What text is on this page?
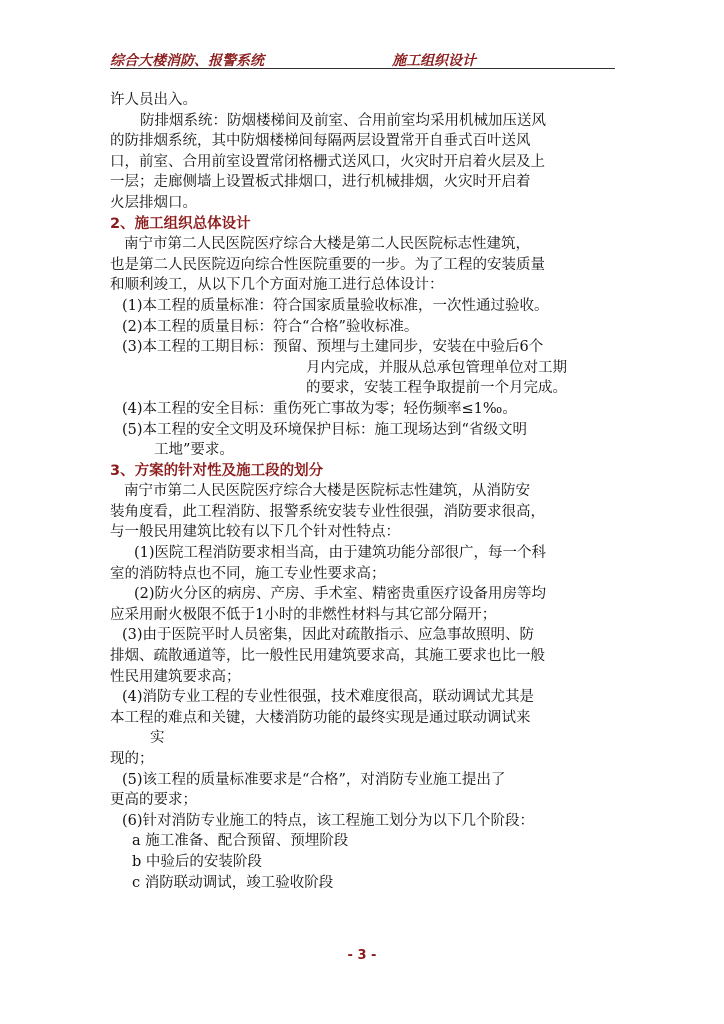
综合大楼消防、报警系统	施工组织设计
许人员出入。
防排烟系统：防烟楼梯间及前室、合用前室均采用机械加压送风
的防排烟系统，其中防烟楼梯间每隔两层设置常开自垂式百叶送风
口，前室、合用前室设置常闭格栅式送风口，火灾时开启着火层及上
一层；走廊侧墙上设置板式排烟口，进行机械排烟，火灾时开启着
火层排烟口。
2、施工组织总体设计
南宁市第二人民医院医疗综合大楼是第二人民医院标志性建筑，
也是第二人民医院迈向综合性医院重要的一步。为了工程的安装质量
和顺利竣工，从以下几个方面对施工进行总体设计：
(1)本工程的质量标准：符合国家质量验收标准，一次性通过验收。
(2)本工程的质量目标：符合“合格”验收标准。
(3)本工程的工期目标：预留、预埋与土建同步，安装在中验后6个
月内完成，并服从总承包管理单位对工期
的要求，安装工程争取提前一个月完成。
(4)本工程的安全目标：重伤死亡事故为零；轻伤频率≤1‰。
(5)本工程的安全文明及环境保护目标：施工现场达到“省级文明
工地”要求。
3、方案的针对性及施工段的划分
南宁市第二人民医院医疗综合大楼是医院标志性建筑，从消防安
装角度看，此工程消防、报警系统安装专业性很强，消防要求很高，
与一般民用建筑比较有以下几个针对性特点：
(1)医院工程消防要求相当高，由于建筑功能分部很广，每一个科
室的消防特点也不同，施工专业性要求高；
(2)防火分区的病房、产房、手术室、精密贵重医疗设备用房等均
应采用耐火极限不低于1小时的非燃性材料与其它部分隔开；
(3)由于医院平时人员密集，因此对疏散指示、应急事故照明、防
排烟、疏散通道等，比一般性民用建筑要求高，其施工要求也比一般
性民用建筑要求高；
(4)消防专业工程的专业性很强，技术难度很高，联动调试尤其是
本工程的难点和关键，大楼消防功能的最终实现是通过联动调试来
实
现的；
(5)该工程的质量标准要求是“合格”，对消防专业施工提出了
更高的要求；
(6)针对消防专业施工的特点，该工程施工划分为以下几个阶段：
a 施工准备、配合预留、预埋阶段
b 中验后的安装阶段
c 消防联动调试，竣工验收阶段
- 3 -
